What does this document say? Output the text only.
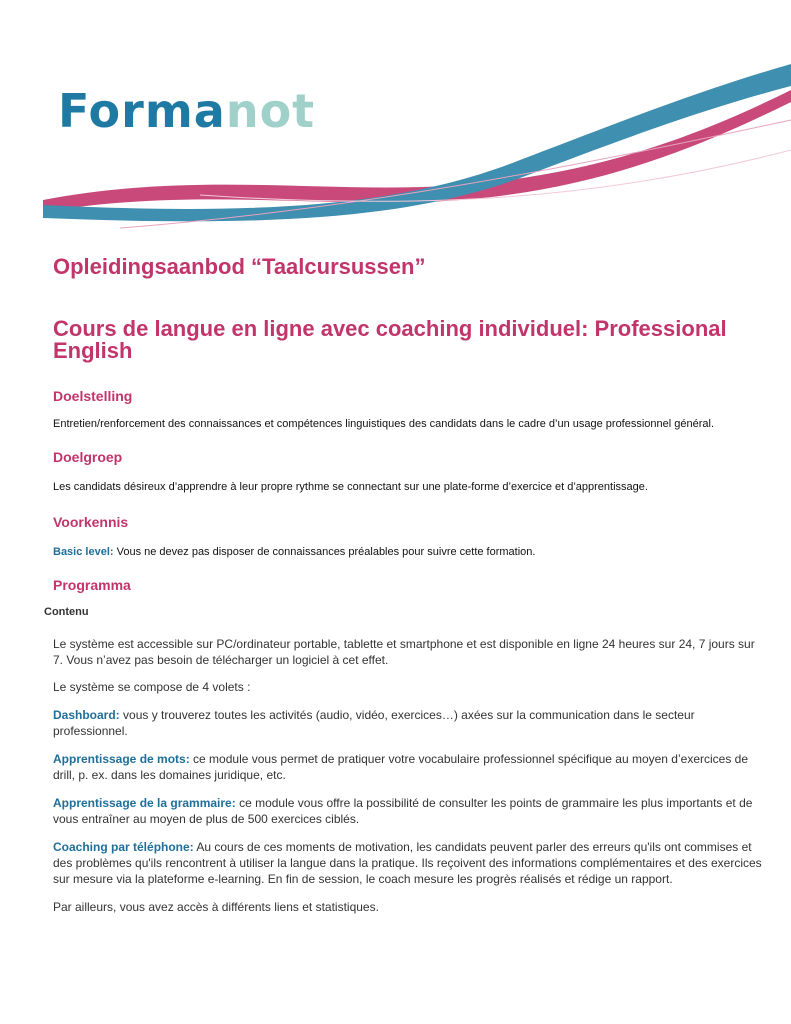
Formanot
Opleidingsaanbod “Taalcursussen”
Cours de langue en ligne avec coaching individuel: Professional English
Doelstelling

Entretien/renforcement des connaissances et compétences linguistiques des candidats dans le cadre d’un usage professionnel général.

Doelgroep

Les candidats désireux d’apprendre à leur propre rythme se connectant sur une plate-forme d’exercice et d’apprentissage.

Voorkennis

Basic level: Vous ne devez pas disposer de connaissances préalables pour suivre cette formation.

Programma

Contenu

Le système est accessible sur PC/ordinateur portable, tablette et smartphone et est disponible en ligne 24 heures sur 24, 7 jours sur 7. Vous n’avez pas besoin de télécharger un logiciel à cet effet.

Le système se compose de 4 volets :

Dashboard: vous y trouverez toutes les activités (audio, vidéo, exercices…) axées sur la communication dans le secteur professionnel.

Apprentissage de mots: ce module vous permet de pratiquer votre vocabulaire professionnel spécifique au moyen d’exercices de drill, p. ex. dans les domaines juridique, etc.

Apprentissage de la grammaire: ce module vous offre la possibilité de consulter les points de grammaire les plus importants et de vous entraîner au moyen de plus de 500 exercices ciblés.

Coaching par téléphone: Au cours de ces moments de motivation, les candidats peuvent parler des erreurs qu'ils ont commises et des problèmes qu'ils rencontrent à utiliser la langue dans la pratique. Ils reçoivent des informations complémentaires et des exercices sur mesure via la plateforme e-learning. En fin de session, le coach mesure les progrès réalisés et rédige un rapport.

Par ailleurs, vous avez accès à différents liens et statistiques.
